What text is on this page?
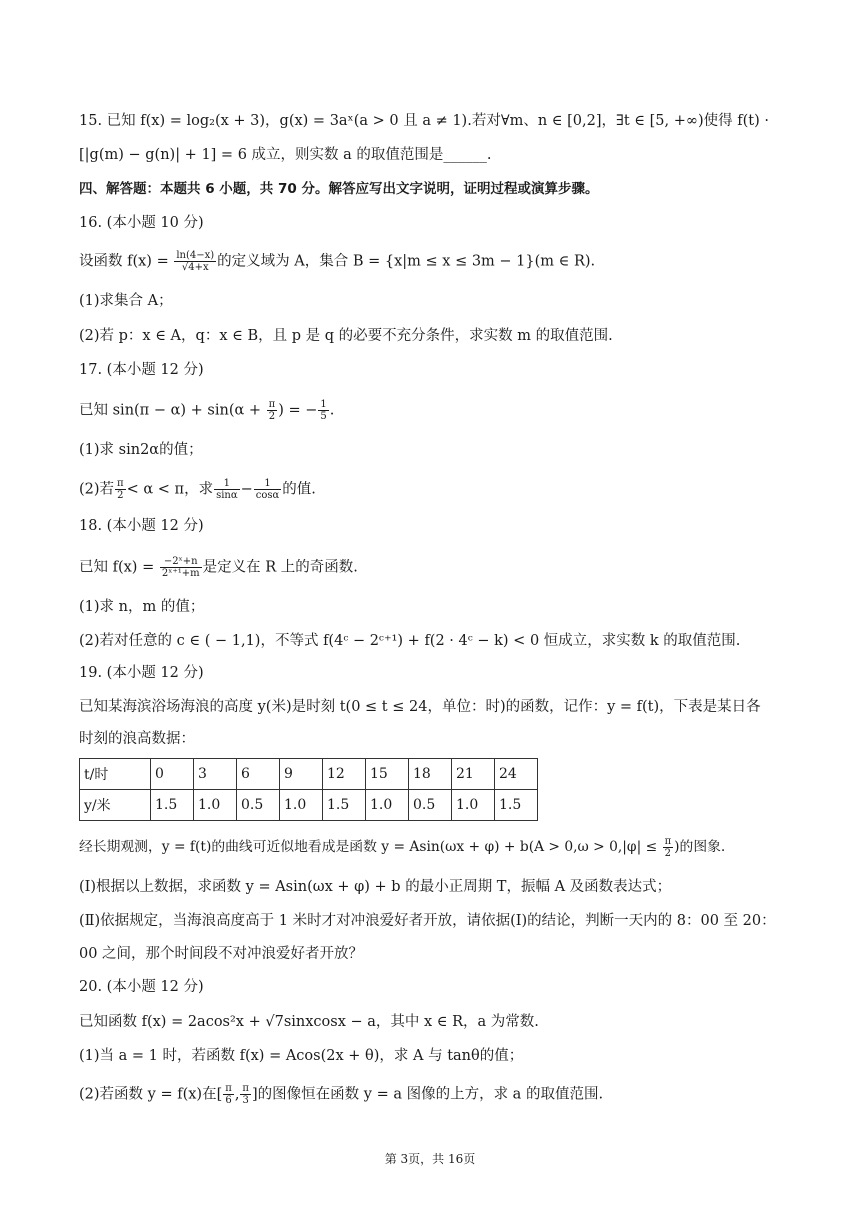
15. 已知 f(x) = log₂(x + 3)，g(x) = 3aˣ(a > 0 且 a ≠ 1).若对∀m、n ∈ [0,2]，∃t ∈ [5, +∞)使得 f(t) ·
[|g(m) − g(n)| + 1] = 6 成立，则实数 a 的取值范围是______.
四、解答题：本题共 6 小题，共 70 分。解答应写出文字说明，证明过程或演算步骤。
16. (本小题 10 分)
设函数 $f(x) = \frac{\ln(4-x)}{√4+x}$ 的定义域为 A，集合 B = {x|m ≤ x ≤ 3m − 1}(m ∈ R).
(1)求集合 A；
(2)若 p：x ∈ A，q：x ∈ B，且 p 是 q 的必要不充分条件，求实数 m 的取值范围.
17. (本小题 12 分)
已知 $\sin(\pi - \alpha) + \sin(\alpha + \frac{\pi}{2}$ ) = − $\frac{1}{5}$ .
(1)求 sin2α的值；
(2)若 $\frac{\pi}{2} < \alpha < \pi$，求 $\frac{1}{\sin\alpha} - \frac{1}{\cos\alpha}$ 的值.
18. (本小题 12 分)
已知 $f(x) = \frac{\text{−2ˣ+n}}{\text{2ˣ⁺¹+m}}$ 是定义在 R 上的奇函数.
(1)求 n，m 的值；
(2)若对任意的 c ∈ ( − 1,1)，不等式 f(4ᶜ − 2ᶜ⁺¹) + f(2 · 4ᶜ − k) < 0 恒成立，求实数 k 的取值范围.
19. (本小题 12 分)
已知某海滨浴场海浪的高度 y(米)是时刻 t(0 ≤ t ≤ 24，单位：时)的函数，记作：y = f(t)，下表是某日各
时刻的浪高数据：
t/时	0	3	6	9	12	15	18	21	24
y/米	1.5	1.0	0.5	1.0	1.5	1.0	0.5	1.0	1.5
经长期观测，y = f(t)的曲线可近似地看成是函数 $y = Asin(\omega x + \varphi) + b(A > 0,\omega > 0,|\varphi| \le \frac{\pi}{2}$ )的图象.
(Ⅰ)根据以上数据，求函数 y = Asin(ωx + φ) + b 的最小正周期 T，振幅 A 及函数表达式；
(Ⅱ)依据规定，当海浪高度高于 1 米时才对冲浪爱好者开放，请依据(Ⅰ)的结论，判断一天内的 8：00 至 20：
00 之间，那个时间段不对冲浪爱好者开放？
20. (本小题 12 分)
已知函数 f(x) = 2acos²x + √7sinxcosx − a，其中 x ∈ R，a 为常数.
(1)当 a = 1 时，若函数 f(x) = Acos(2x + θ)，求 A 与 tanθ的值；
(2)若函数 y = f(x)在[ $\frac{\pi}{6}$ , $\frac{\pi}{3}$ ]的图像恒在函数 y = a 图像的上方，求 a 的取值范围.
第 3页，共 16页
